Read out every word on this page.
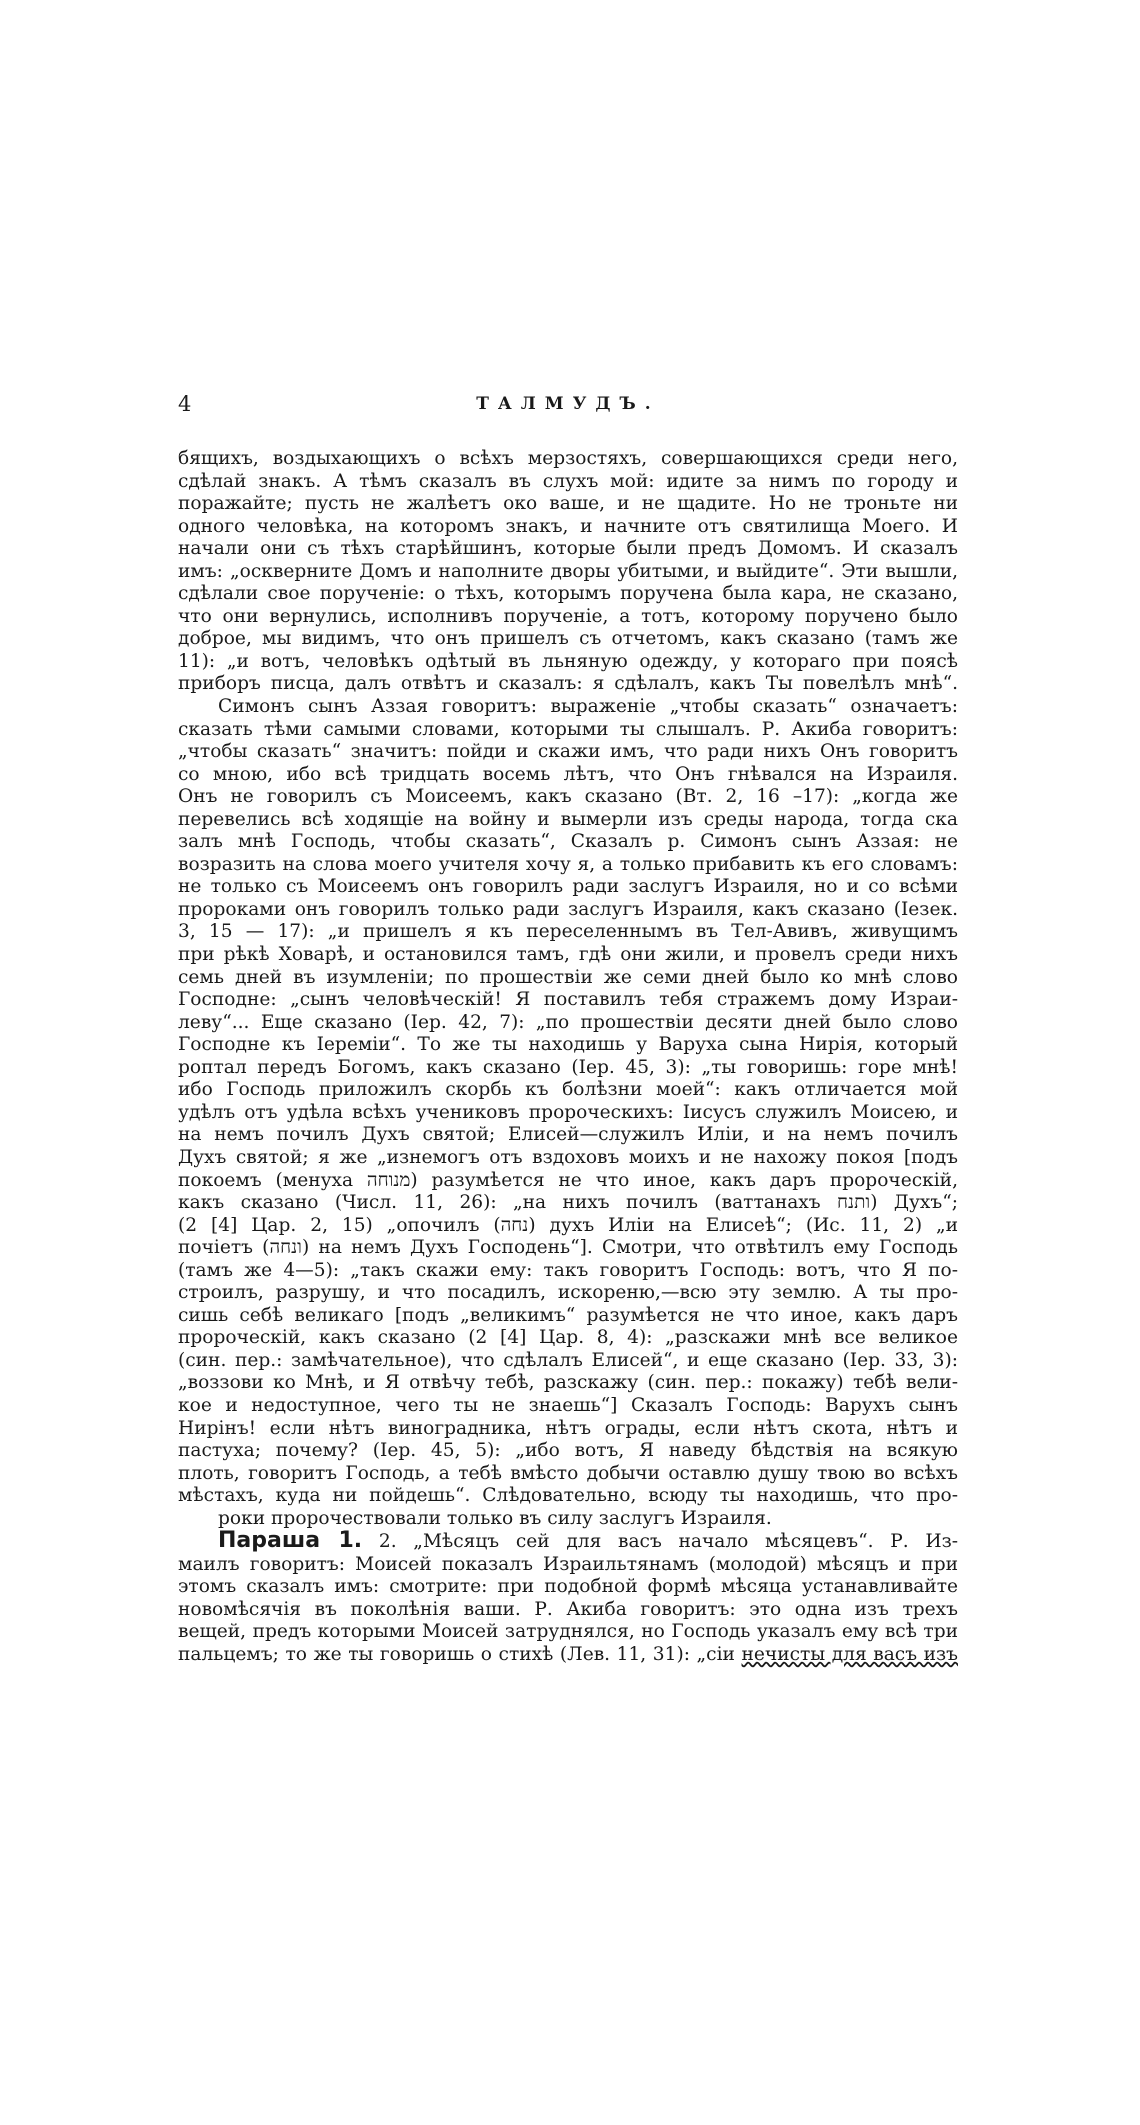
4	ТАЛМУДЪ.
бящихъ, воздыхающихъ о всѣхъ мерзостяхъ, совершающихся среди него,
сдѣлай знакъ. А тѣмъ сказалъ въ слухъ мой: идите за нимъ по городу и
поражайте; пусть не жалѣетъ око ваше, и не щадите. Но не троньте ни
одного человѣка, на которомъ знакъ, и начните отъ святилища Моего. И
начали они съ тѣхъ старѣйшинъ, которые были предъ Домомъ. И сказалъ
имъ: „оскверните Домъ и наполните дворы убитыми, и выйдите“. Эти вышли,
сдѣлали свое порученіе: о тѣхъ, которымъ поручена была кара, не сказано,
что они вернулись, исполнивъ порученіе, а тотъ, которому поручено было
доброе, мы видимъ, что онъ пришелъ съ отчетомъ, какъ сказано (тамъ же
11): „и вотъ, человѣкъ одѣтый въ льняную одежду, у котораго при поясѣ
приборъ писца, далъ отвѣтъ и сказалъ: я сдѣлалъ, какъ Ты повелѣлъ мнѣ“.
Симонъ сынъ Аззая говоритъ: выраженіе „чтобы сказать“ означаетъ:
сказать тѣми самыми словами, которыми ты слышалъ. Р. Акиба говоритъ:
„чтобы сказать“ значитъ: пойди и скажи имъ, что ради нихъ Онъ говоритъ
со мною, ибо всѣ тридцать восемь лѣтъ, что Онъ гнѣвался на Израиля.
Онъ не говорилъ съ Моисеемъ, какъ сказано (Вт. 2, 16 –17): „когда же
перевелись всѣ ходящіе на войну и вымерли изъ среды народа, тогда ска
залъ мнѣ Господь, чтобы сказать“, Сказалъ р. Симонъ сынъ Аззая: не
возразить на слова моего учителя хочу я, а только прибавить къ его словамъ:
не только съ Моисеемъ онъ говорилъ ради заслугъ Израиля, но и со всѣми
пророками онъ говорилъ только ради заслугъ Израиля, какъ сказано (Іезек.
3, 15 — 17): „и пришелъ я къ переселеннымъ въ Тел-Авивъ, живущимъ
при рѣкѣ Ховарѣ, и остановился тамъ, гдѣ они жили, и провелъ среди нихъ
семь дней въ изумленіи; по прошествіи же семи дней было ко мнѣ слово
Господне: „сынъ человѣческій! Я поставилъ тебя стражемъ дому Израи-
леву“... Еще сказано (Іер. 42, 7): „по прошествіи десяти дней было слово
Господне къ Іереміи“. То же ты находишь у Варуха сына Нирія, который
роптал передъ Богомъ, какъ сказано (Іер. 45, 3): „ты говоришь: горе мнѣ!
ибо Господь приложилъ скорбь къ болѣзни моей“: какъ отличается мой
удѣлъ отъ удѣла всѣхъ учениковъ пророческихъ: Іисусъ служилъ Моисею, и
на немъ почилъ Духъ святой; Елисей—служилъ Иліи, и на немъ почилъ
Духъ святой; я же „изнемогъ отъ вздоховъ моихъ и не нахожу покоя [подъ
покоемъ (менуха מנוחה) разумѣется не что иное, какъ даръ пророческій,
какъ сказано (Числ. 11, 26): „на нихъ почилъ (ваттанахъ ותנח) Духъ“;
(2 [4] Цар. 2, 15) „опочилъ (נחה) духъ Иліи на Елисеѣ“; (Ис. 11, 2) „и
почіетъ (ונחה) на немъ Духъ Господень“]. Смотри, что отвѣтилъ ему Господь
(тамъ же 4—5): „такъ скажи ему: такъ говоритъ Господь: вотъ, что Я по-
строилъ, разрушу, и что посадилъ, искореню,—всю эту землю. А ты про-
сишь себѣ великаго [подъ „великимъ“ разумѣется не что иное, какъ даръ
пророческій, какъ сказано (2 [4] Цар. 8, 4): „разскажи мнѣ все великое
(син. пер.: замѣчательное), что сдѣлалъ Елисей“, и еще сказано (Іер. 33, 3):
„воззови ко Мнѣ, и Я отвѣчу тебѣ, разскажу (син. пер.: покажу) тебѣ вели-
кое и недоступное, чего ты не знаешь“] Сказалъ Господь: Варухъ сынъ
Нирінъ! если нѣтъ виноградника, нѣтъ ограды, если нѣтъ скота, нѣтъ и
пастуха; почему? (Іер. 45, 5): „ибо вотъ, Я наведу бѣдствія на всякую
плоть, говоритъ Господь, а тебѣ вмѣсто добычи оставлю душу твою во всѣхъ
мѣстахъ, куда ни пойдешь“. Слѣдовательно, всюду ты находишь, что про-
роки пророчествовали только въ силу заслугъ Израиля.
Параша 1. 2. „Мѣсяцъ сей для васъ начало мѣсяцевъ“. Р. Из-
маилъ говоритъ: Моисей показалъ Израильтянамъ (молодой) мѣсяцъ и при
этомъ сказалъ имъ: смотрите: при подобной формѣ мѣсяца устанавливайте
новомѣсячія въ поколѣнія ваши. Р. Акиба говоритъ: это одна изъ трехъ
вещей, предъ которыми Моисей затруднялся, но Господь указалъ ему всѣ три
пальцемъ; то же ты говоришь о стихѣ (Лев. 11, 31): „сіи нечисты для васъ изъ
